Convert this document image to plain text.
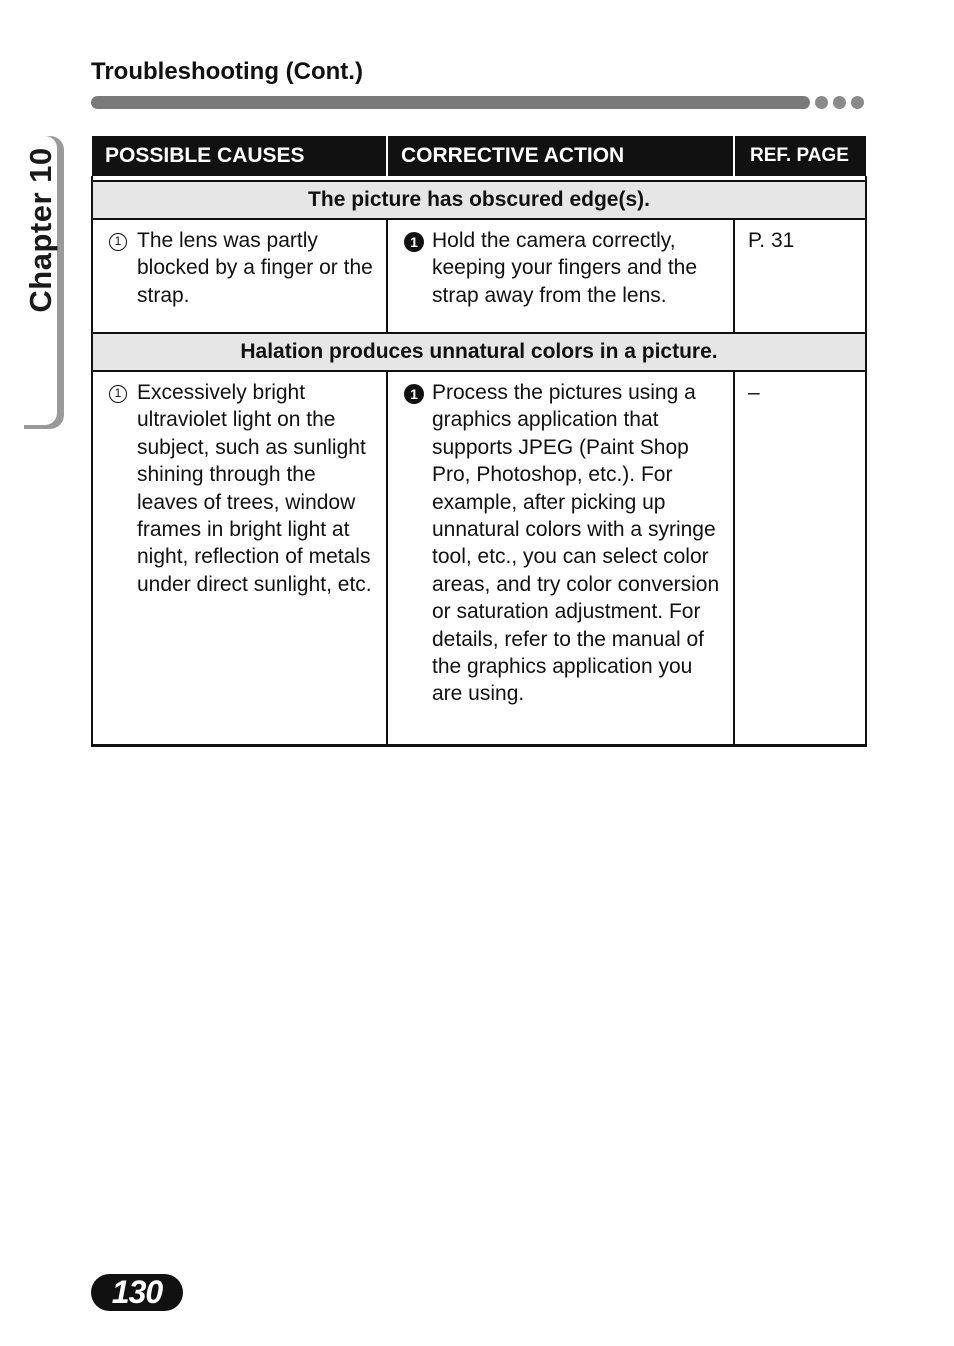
Troubleshooting (Cont.)
Chapter 10 POSSIBLE CAUSES	CORRECTIVE ACTION	REF. PAGE

The picture has obscured edge(s).		

1 The lens was partly blocked by a finger or the strap.	1 Hold the camera correctly, keeping your fingers and the strap away from the lens.	P. 31
Halation produces unnatural colors in a picture.		

1 Excessively bright ultraviolet light on the subject, such as sunlight shining through the leaves of trees, window frames in bright light at night, reflection of metals under direct sunlight, etc.	1 Process the pictures using a graphics application that supports JPEG (Paint Shop Pro, Photoshop, etc.). For example, after picking up unnatural colors with a syringe tool, etc., you can select color areas, and try color conversion or saturation adjustment. For details, refer to the manual of the graphics application you are using.	–
130
